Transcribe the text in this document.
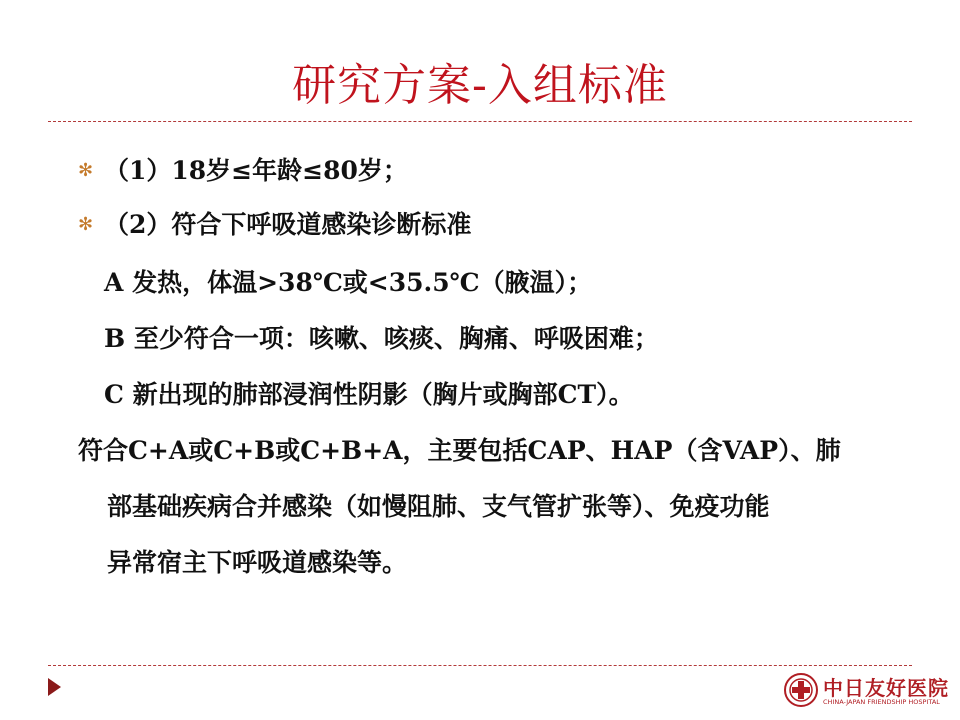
研究方案-入组标准
✻ （1）18岁≤年龄≤80岁；
✻ （2）符合下呼吸道感染诊断标准
A 发热，体温>38℃或<35.5℃（腋温）；
B 至少符合一项：咳嗽、咳痰、胸痛、呼吸困难；
C 新出现的肺部浸润性阴影（胸片或胸部CT）。
符合C+A或C+B或C+B+A，主要包括CAP、HAP（含VAP）、肺
部基础疾病合并感染（如慢阻肺、支气管扩张等）、免疫功能
异常宿主下呼吸道感染等。
中日友好医院
CHINA-JAPAN FRIENDSHIP HOSPITAL
